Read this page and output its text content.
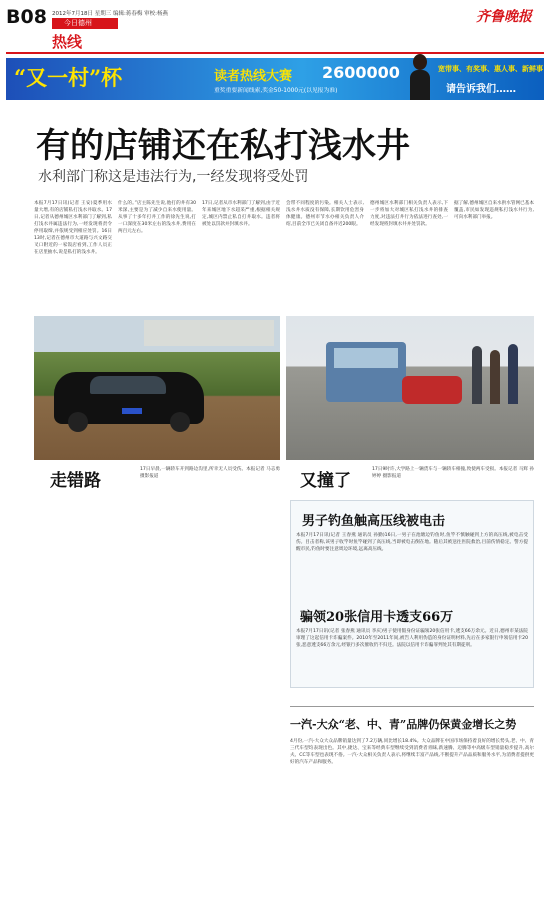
B08 2012年7月18日 星期三 编辑:蒋春梅 审校:杨燕
今日德州
热线
齐鲁晚报
“又一村”杯	读者热线大赛 2600000
重奖重要新闻线索,奖金50-1000元(以见报为准)
宽带事、有奖事、惠人事、新鲜事
请告诉我们……
有的店铺还在私打浅水井
水利部门称这是违法行为,一经发现将受处罚
本报7月17日讯(记者 王安)夏季用水量大增,有的店铺私打浅水井取水。17日,记者从德州城区水利部门了解到,私打浅水井属违法行为,一经发现将责令停用取缔,并依规受到相应处罚。16日13时,记者在德州市大道路与兴文路交叉口附近的一家饭店看到,工作人员正在店里抽水,说是私打的浅水井。
什么的。”店主陈先生说,他打的井有30米深,主要是为了减少自来水使用量。从事了十多年打井工作的徐先生说,打一口深度在30米左右的浅水井,费用在两百元左右。
17日,记者从市水利部门了解到,由于近年来城区地下水超采严重,根据相关规定,城区内禁止私自打井取水。违者将被处以罚款并封填水井。
会带不同程度的污染。相关人士表示,浅水井水质没有保障,长期饮用危害身体健康。德州市节水办相关负责人介绍,目前全市已关闭自备井近200眼。
德州城区水利部门相关负责人表示,下一步将加大对城区私打浅水井的排查力度,对违法打井行为依法进行查处,一经发现将封填水井并处罚款。
据了解,德州城区自来水供水管网已基本覆盖,市民如发现违规私打浅水井行为,可向水利部门举报。
走错路
17日早晨,一辆轿车开到路边沟里,所幸无人员受伤。本报记者 马志勇 摄影报道	又撞了
17日9时许,大学路上一辆货车与一辆轿车相撞,致使两车受损。本报记者 马辉 孙婷婷 摄影报道
男子钓鱼触高压线被电击
本报7月17日讯(记者 王春燕 通讯员 孙勤)16日,一男子在池塘边钓鱼时,鱼竿不慎触碰到上方的高压线,被电击受伤。目击者称,该男子收竿时鱼竿碰到了高压线,当即被电击倒在地。随后其被送往医院救治,目前伤情稳定。警方提醒市民,钓鱼时要注意周边环境,远离高压线。
骗领20张信用卡透支66万
本报7月17日讯(记者 张春燕 通讯员 李庆)男子使用假身份证骗领20张信用卡,透支66万余元。近日,德州市某法院审理了这起信用卡诈骗案件。2010年至2011年间,被告人利用伪造的身份证明材料,先后在多家银行申领信用卡20张,恶意透支66万余元,经银行多次催收仍不归还。法院以信用卡诈骗罪判处其有期徒刑。
一汽-大众“老、中、青”品牌仍保黄金增长之势
4月份,一汽-大众大众品牌销量达到了7.2万辆,同比增长18.4%。大众品牌在中国市场保持着良好的增长势头,老、中、青三代车型均表现出色。其中,捷达、宝来等经典车型继续受到消费者青睐,新速腾、迈腾等中高级车型销量稳步提升,高尔夫、CC等车型也表现不俗。一汽-大众相关负责人表示,将继续丰富产品线,不断提升产品品质和服务水平,为消费者提供更好的汽车产品和服务。
